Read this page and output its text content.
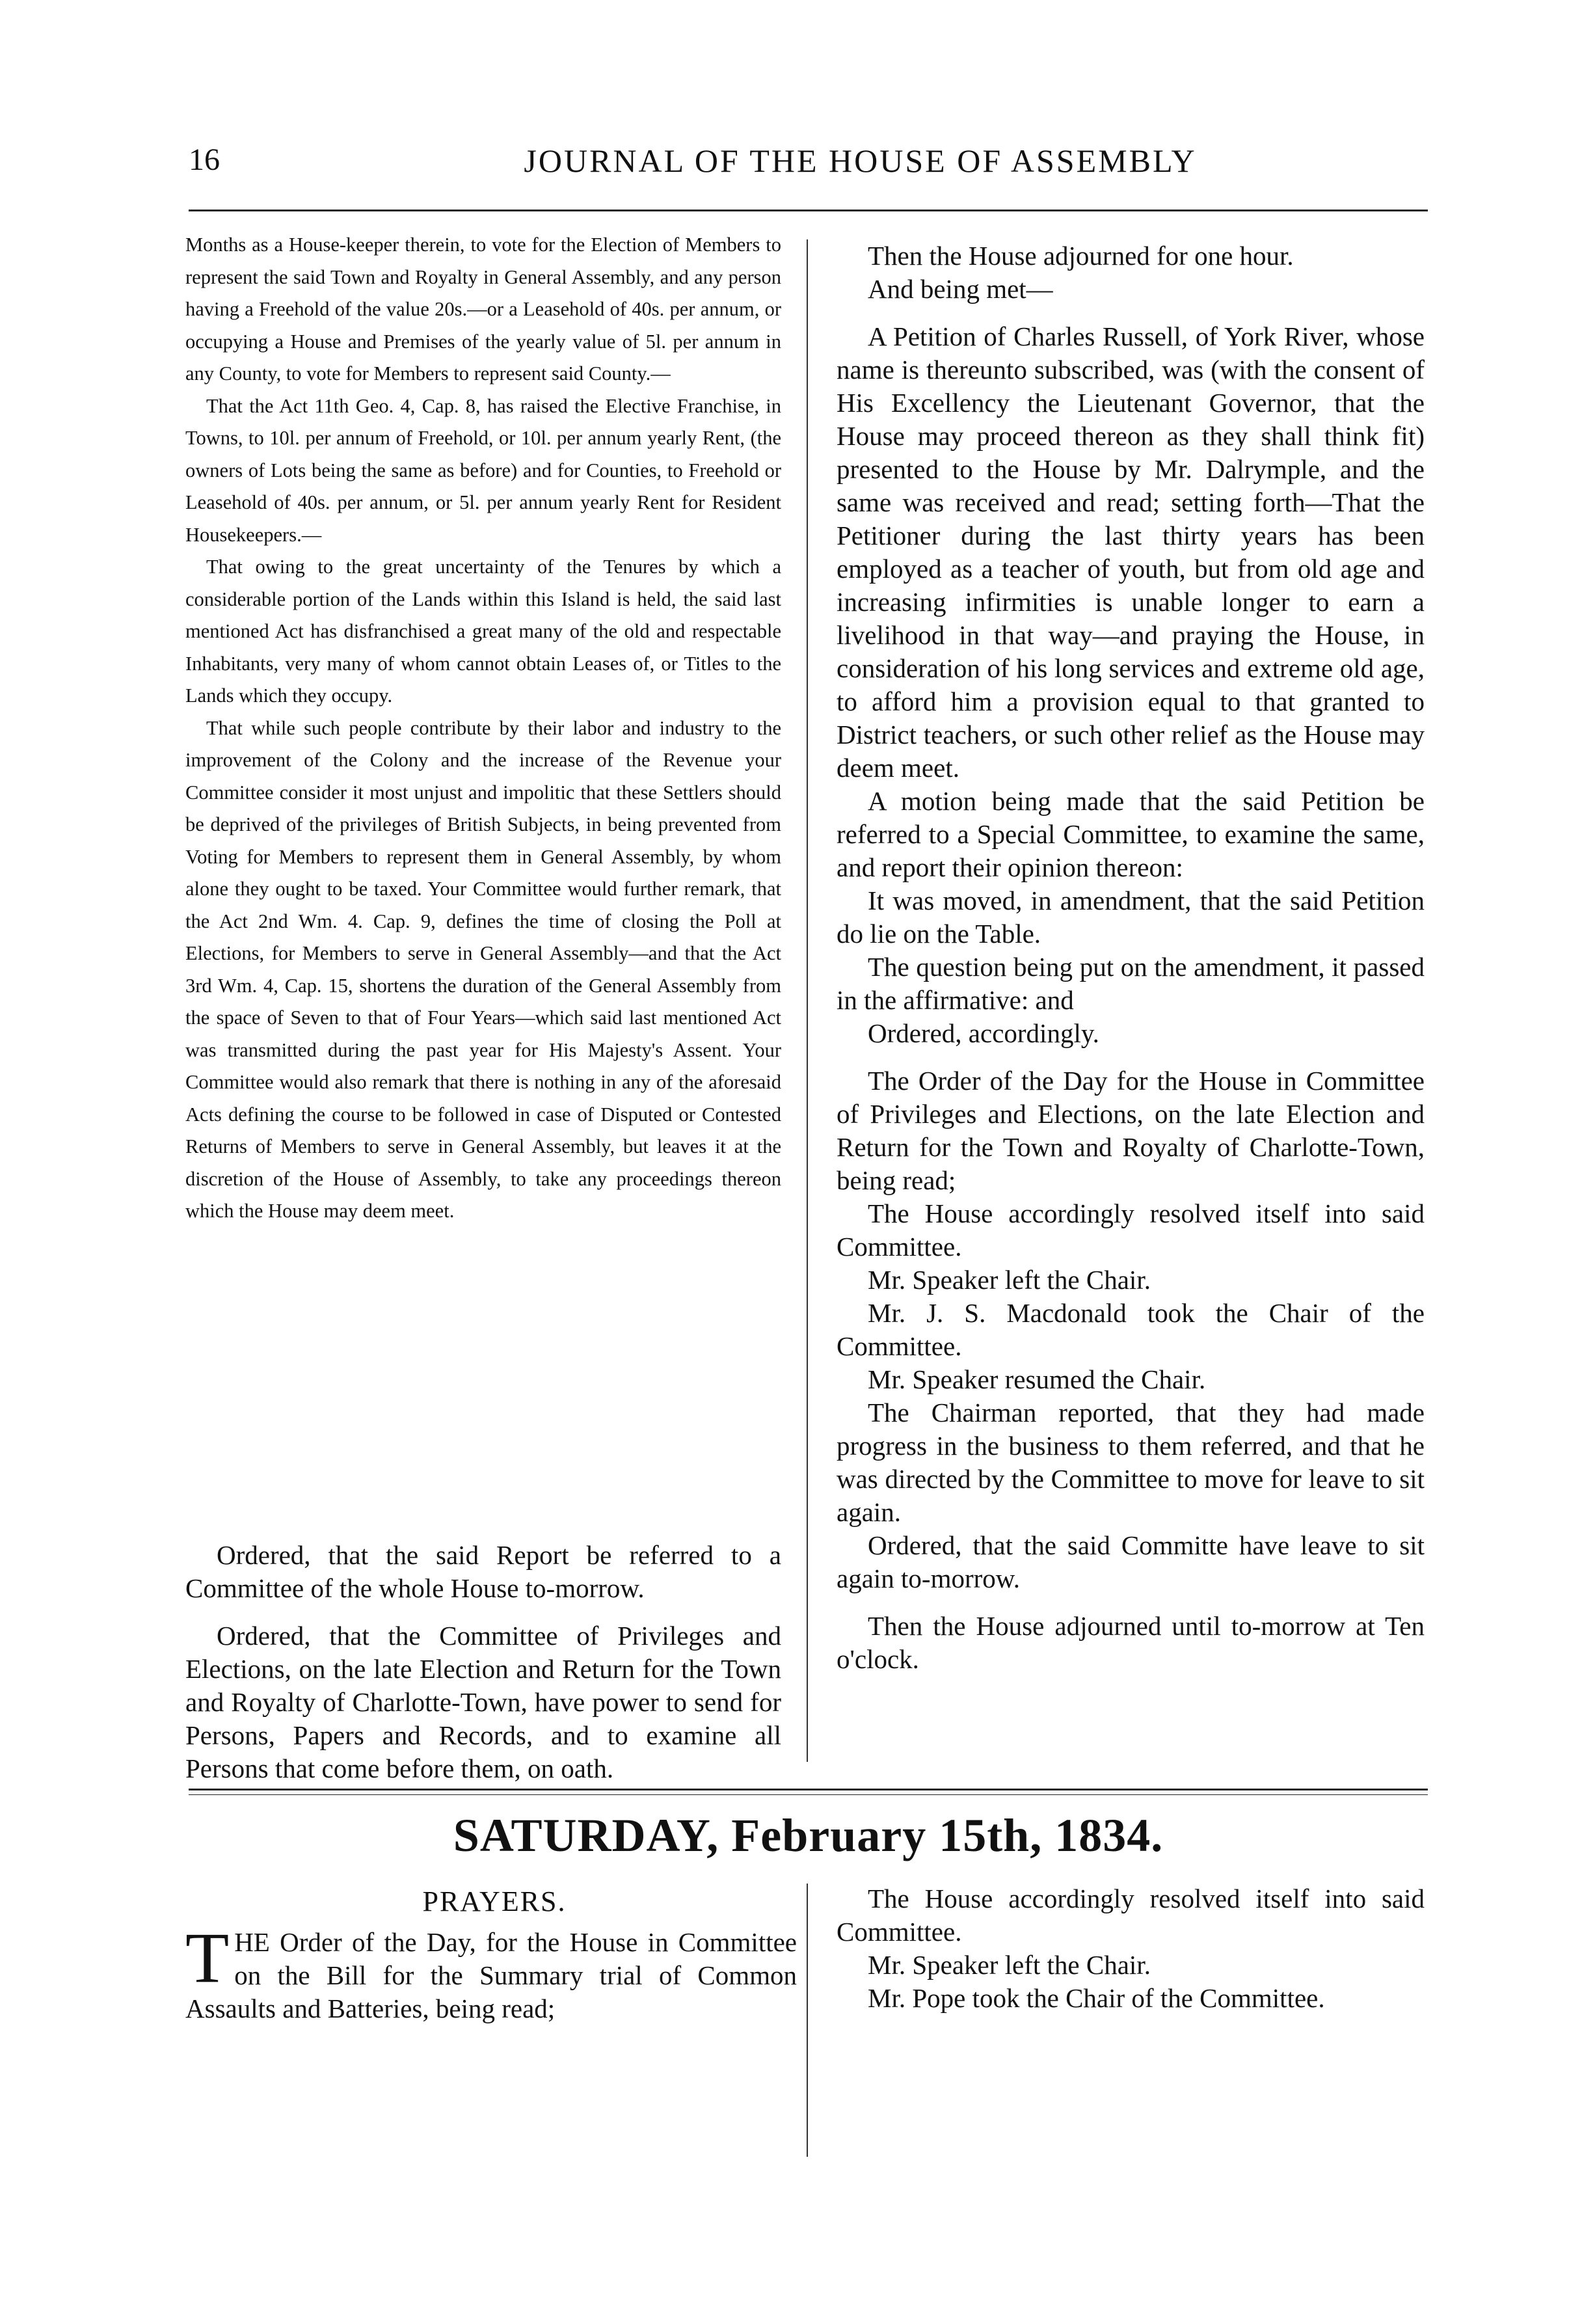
16	JOURNAL OF THE HOUSE OF ASSEMBLY

Months as a House-keeper therein, to vote for the Election of Members to represent the said Town and Royalty in General Assembly, and any person having a Freehold of the value 20s.—or a Leasehold of 40s. per annum, or occupying a House and Premises of the yearly value of 5l. per annum in any County, to vote for Members to represent said County.—

That the Act 11th Geo. 4, Cap. 8, has raised the Elective Franchise, in Towns, to 10l. per annum of Freehold, or 10l. per annum yearly Rent, (the owners of Lots being the same as before) and for Counties, to Freehold or Leasehold of 40s. per annum, or 5l. per annum yearly Rent for Resident Housekeepers.—

That owing to the great uncertainty of the Tenures by which a considerable portion of the Lands within this Island is held, the said last mentioned Act has disfranchised a great many of the old and respectable Inhabitants, very many of whom cannot obtain Leases of, or Titles to the Lands which they occupy.

That while such people contribute by their labor and industry to the improvement of the Colony and the increase of the Revenue your Committee consider it most unjust and impolitic that these Settlers should be deprived of the privileges of British Subjects, in being prevented from Voting for Members to represent them in General Assembly, by whom alone they ought to be taxed. Your Committee would further remark, that the Act 2nd Wm. 4. Cap. 9, defines the time of closing the Poll at Elections, for Members to serve in General Assembly—and that the Act 3rd Wm. 4, Cap. 15, shortens the duration of the General Assembly from the space of Seven to that of Four Years—which said last mentioned Act was transmitted during the past year for His Majesty's Assent. Your Committee would also remark that there is nothing in any of the aforesaid Acts defining the course to be followed in case of Disputed or Contested Returns of Members to serve in General Assembly, but leaves it at the discretion of the House of Assembly, to take any proceedings thereon which the House may deem meet.

Ordered, that the said Report be referred to a Committee of the whole House to-morrow.

Ordered, that the Committee of Privileges and Elections, on the late Election and Return for the Town and Royalty of Charlotte-Town, have power to send for Persons, Papers and Records, and to examine all Persons that come before them, on oath.

Then the House adjourned for one hour.

And being met—

A Petition of Charles Russell, of York River, whose name is thereunto subscribed, was (with the consent of His Excellency the Lieutenant Governor, that the House may proceed thereon as they shall think fit) presented to the House by Mr. Dalrymple, and the same was received and read; setting forth—That the Petitioner during the last thirty years has been employed as a teacher of youth, but from old age and increasing infirmities is unable longer to earn a livelihood in that way—and praying the House, in consideration of his long services and extreme old age, to afford him a provision equal to that granted to District teachers, or such other relief as the House may deem meet.

A motion being made that the said Petition be referred to a Special Committee, to examine the same, and report their opinion thereon:

It was moved, in amendment, that the said Petition do lie on the Table.

The question being put on the amendment, it passed in the affirmative: and

Ordered, accordingly.

The Order of the Day for the House in Committee of Privileges and Elections, on the late Election and Return for the Town and Royalty of Charlotte-Town, being read;

The House accordingly resolved itself into said Committee.

Mr. Speaker left the Chair.

Mr. J. S. Macdonald took the Chair of the Committee.

Mr. Speaker resumed the Chair.

The Chairman reported, that they had made progress in the business to them referred, and that he was directed by the Committee to move for leave to sit again.

Ordered, that the said Committe have leave to sit again to-morrow.

Then the House adjourned until to-morrow at Ten o'clock.

SATURDAY, February 15th, 1834.
PRAYERS.

THE Order of the Day, for the House in Committee on the Bill for the Summary trial of Common Assaults and Batteries, being read;

The House accordingly resolved itself into said Committee.

Mr. Speaker left the Chair.

Mr. Pope took the Chair of the Committee.
